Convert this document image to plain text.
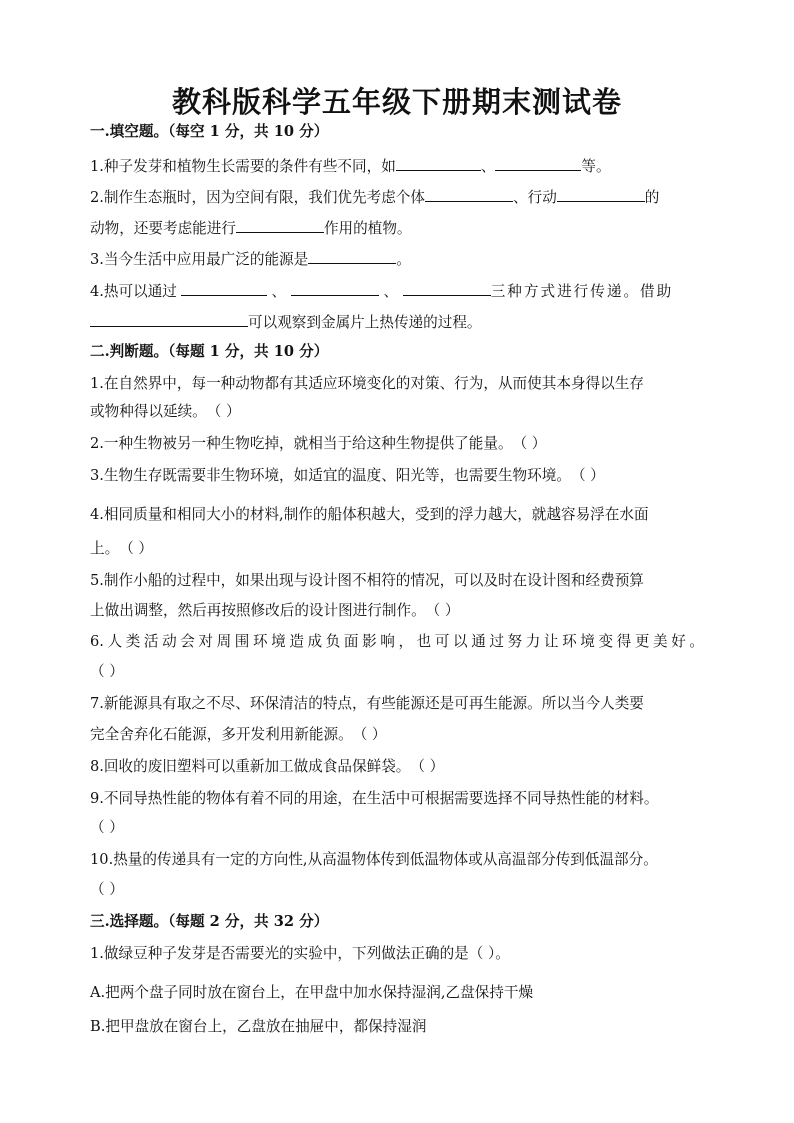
教科版科学五年级下册期末测试卷
一.填空题。（每空 1 分，共 10 分）
1.种子发芽和植物生长需要的条件有些不同，如	、	等。
2.制作生态瓶时，因为空间有限，我们优先考虑个体	、行动	的
动物，还要考虑能进行	作用的植物。
3.当今生活中应用最广泛的能源是	。
4.热可以通过	、	、	三种方式进行传递。借助
可以观察到金属片上热传递的过程。
二.判断题。（每题 1 分，共 10 分）
1.在自然界中，每一种动物都有其适应环境变化的对策、行为，从而使其本身得以生存
或物种得以延续。（ ）
2.一种生物被另一种生物吃掉，就相当于给这种生物提供了能量。（ ）
3.生物生存既需要非生物环境，如适宜的温度、阳光等，也需要生物环境。（ ）
4.相同质量和相同大小的材料,制作的船体积越大，受到的浮力越大，就越容易浮在水面
上。（ ）
5.制作小船的过程中，如果出现与设计图不相符的情况，可以及时在设计图和经费预算
上做出调整，然后再按照修改后的设计图进行制作。（ ）
6.人类活动会对周围环境造成负面影响，也可以通过努力让环境变得更美好。
（ ）
7.新能源具有取之不尽、环保清洁的特点，有些能源还是可再生能源。所以当今人类要
完全舍弃化石能源，多开发利用新能源。（ ）
8.回收的废旧塑料可以重新加工做成食品保鲜袋。（ ）
9.不同导热性能的物体有着不同的用途，在生活中可根据需要选择不同导热性能的材料。
（ ）
10.热量的传递具有一定的方向性,从高温物体传到低温物体或从高温部分传到低温部分。
（ ）
三.选择题。（每题 2 分，共 32 分）
1.做绿豆种子发芽是否需要光的实验中，下列做法正确的是（ ）。
A.把两个盘子同时放在窗台上，在甲盘中加水保持湿润,乙盘保持干燥
B.把甲盘放在窗台上，乙盘放在抽屉中，都保持湿润
